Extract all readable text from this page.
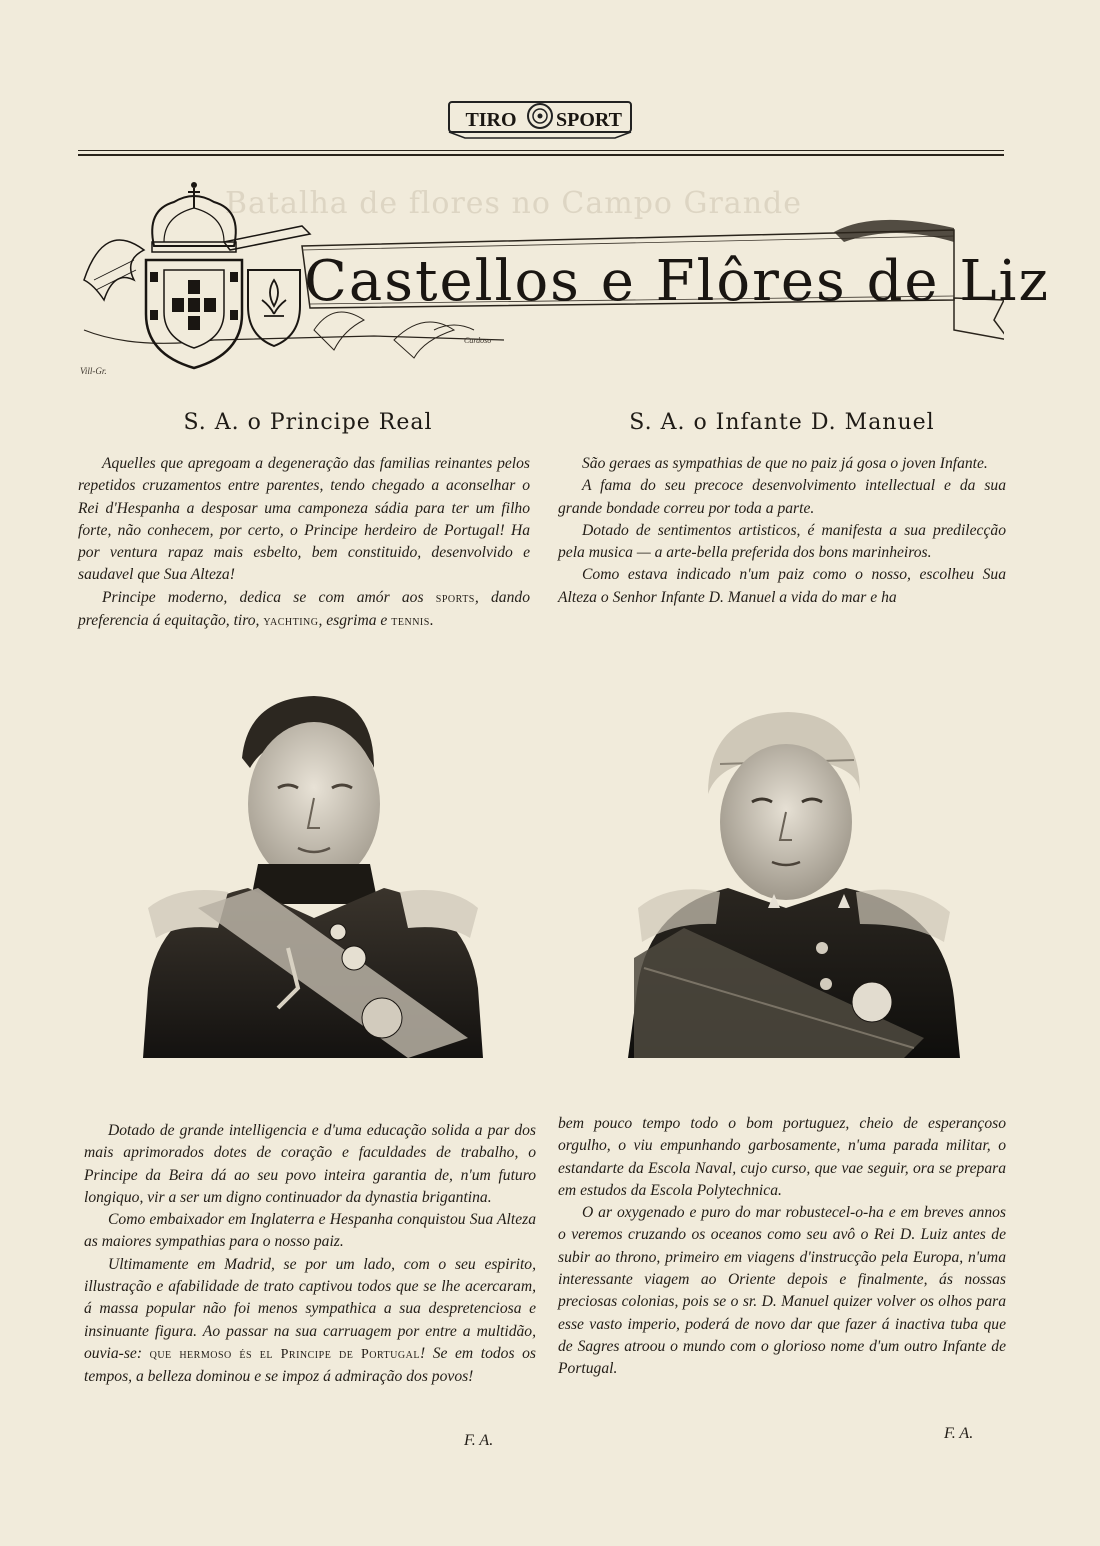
TIRO SPORT
Batalha de flores no Campo Grande
Castellos e Flôres de Liz
Vill-Gr.
Cardoso
S. A. o Principe Real	S. A. o Infante D. Manuel

Aquelles que apregoam a degeneração das familias reinantes pelos repetidos cruzamentos entre parentes, tendo chegado a aconselhar o Rei d'Hespanha a desposar uma camponeza sádia para ter um filho forte, não conhecem, por certo, o Principe herdeiro de Portugal! Ha por ventura rapaz mais esbelto, bem constituido, desenvolvido e saudavel que Sua Alteza!

Principe moderno, dedica se com amór aos sports, dando preferencia á equitação, tiro, yachting, esgrima e tennis.

São geraes as sympathias de que no paiz já gosa o joven Infante.

A fama do seu precoce desenvolvimento intellectual e da sua grande bondade correu por toda a parte.

Dotado de sentimentos artisticos, é manifesta a sua predilecção pela musica — a arte-bella preferida dos bons marinheiros.

Como estava indicado n'um paiz como o nosso, escolheu Sua Alteza o Senhor Infante D. Manuel a vida do mar e ha

Dotado de grande intelligencia e d'uma educação solida a par dos mais aprimorados dotes de coração e faculdades de trabalho, o Principe da Beira dá ao seu povo inteira garantia de, n'um futuro longiquo, vir a ser um digno continuador da dynastia brigantina.

Como embaixador em Inglaterra e Hespanha conquistou Sua Alteza as maiores sympathias para o nosso paiz.

Ultimamente em Madrid, se por um lado, com o seu espirito, illustração e afabilidade de trato captivou todos que se lhe acercaram, á massa popular não foi menos sympathica a sua despretenciosa e insinuante figura. Ao passar na sua carruagem por entre a multidão, ouvia-se: que hermoso és el Principe de Portugal! Se em todos os tempos, a belleza dominou e se impoz á admiração dos povos!

F. A.

bem pouco tempo todo o bom portuguez, cheio de esperançoso orgulho, o viu empunhando garbosamente, n'uma parada militar, o estandarte da Escola Naval, cujo curso, que vae seguir, ora se prepara em estudos da Escola Polytechnica.

O ar oxygenado e puro do mar robustecel-o-ha e em breves annos o veremos cruzando os oceanos como seu avô o Rei D. Luiz antes de subir ao throno, primeiro em viagens d'instrucção pela Europa, n'uma interessante viagem ao Oriente depois e finalmente, ás nossas preciosas colonias, pois se o sr. D. Manuel quizer volver os olhos para esse vasto imperio, poderá de novo dar que fazer á inactiva tuba que de Sagres atroou o mundo com o glorioso nome d'um outro Infante de Portugal.

F. A.
